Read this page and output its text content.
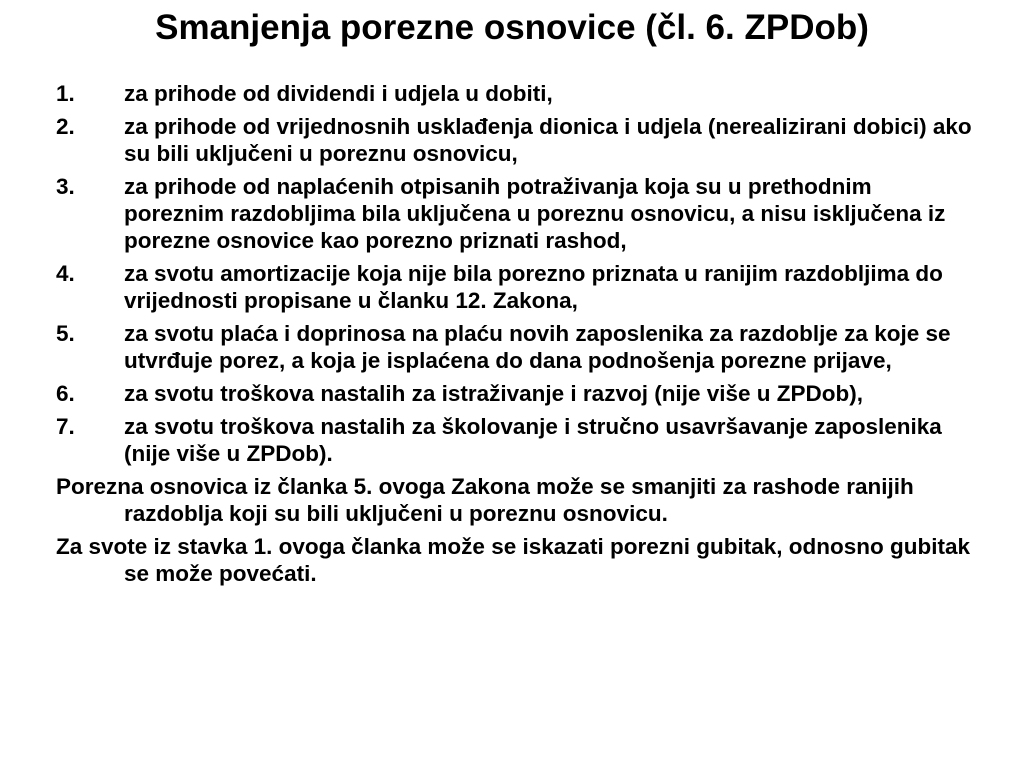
Smanjenja porezne osnovice (čl. 6. ZPDob)
1. za prihode od dividendi i udjela u dobiti,
2. za prihode od vrijednosnih usklađenja dionica i udjela (nerealizirani dobici) ako su bili uključeni u poreznu osnovicu,
3. za prihode od naplaćenih otpisanih potraživanja koja su u prethodnim poreznim razdobljima bila uključena u poreznu osnovicu, a nisu isključena iz porezne osnovice kao porezno priznati rashod,
4. za svotu amortizacije koja nije bila porezno priznata u ranijim razdobljima do vrijednosti propisane u članku 12. Zakona,
5. za svotu plaća i doprinosa na plaću novih zaposlenika za razdoblje za koje se utvrđuje porez, a koja je isplaćena do dana podnošenja porezne prijave,
6. za svotu troškova nastalih za istraživanje i razvoj (nije više u ZPDob),
7. za svotu troškova nastalih za školovanje i stručno usavršavanje zaposlenika (nije više u ZPDob).
Porezna osnovica iz članka 5. ovoga Zakona može se smanjiti za rashode ranijih razdoblja koji su bili uključeni u poreznu osnovicu.
Za svote iz stavka 1. ovoga članka može se iskazati porezni gubitak, odnosno gubitak se može povećati.
